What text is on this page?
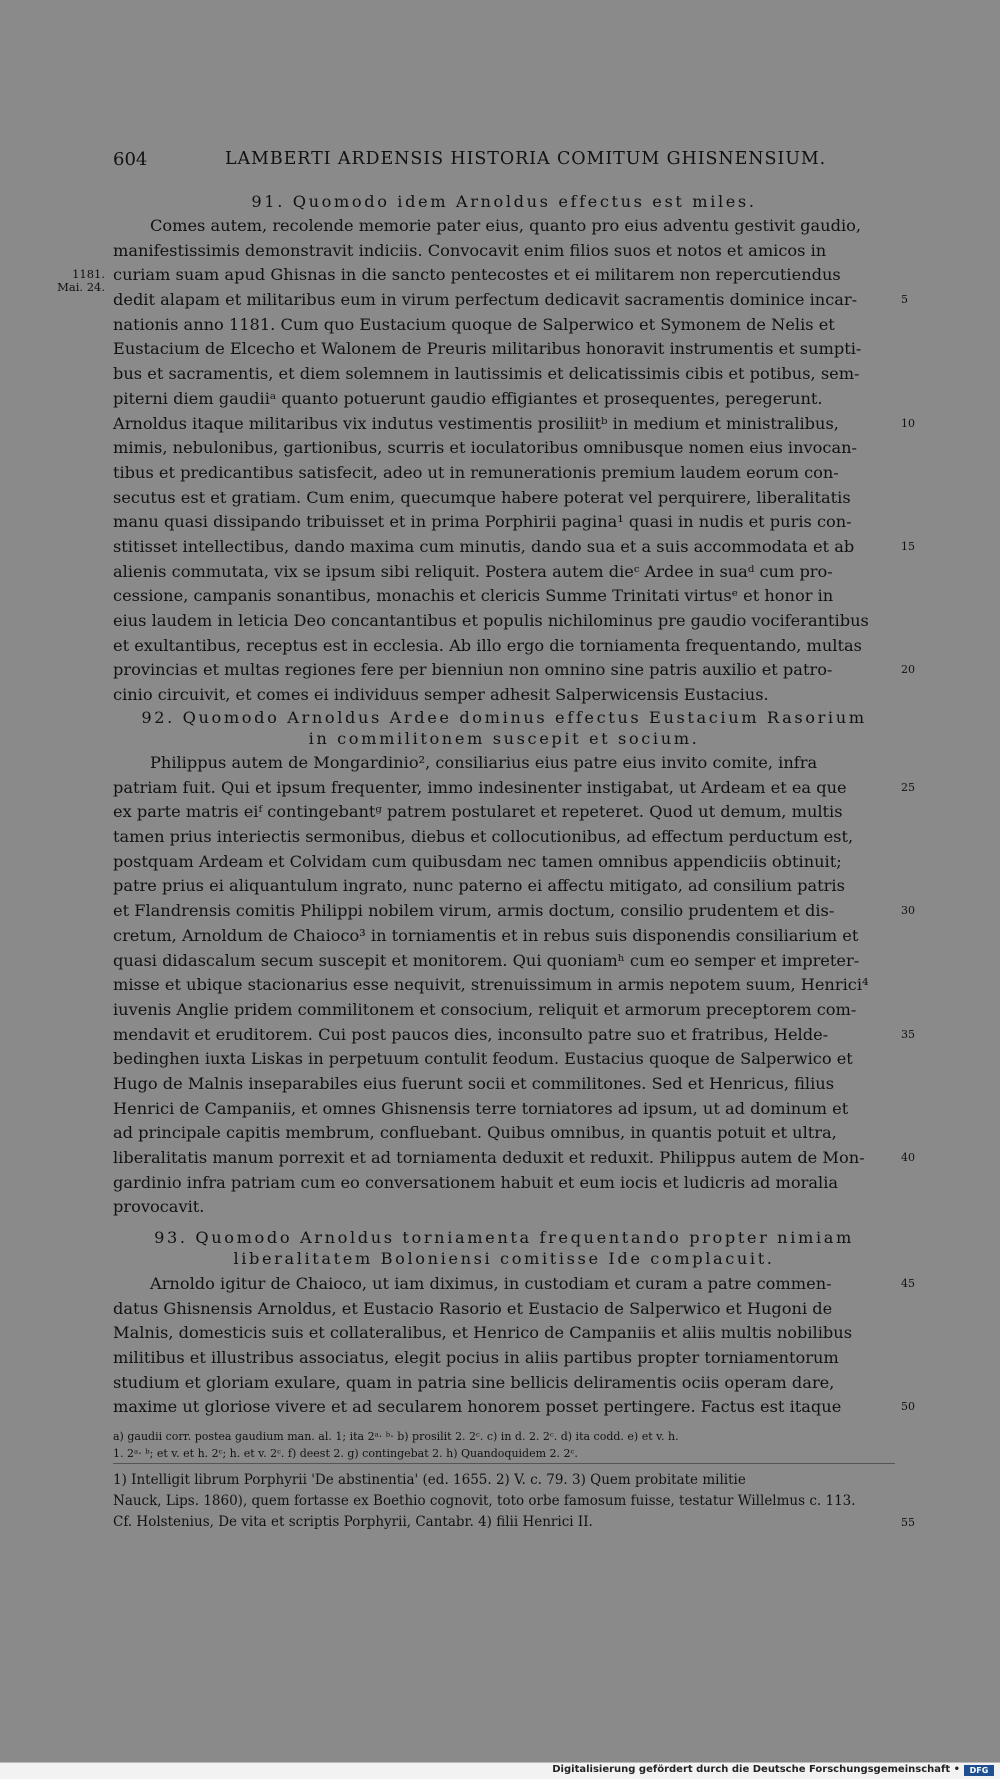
604	LAMBERTI ARDENSIS HISTORIA COMITUM GHISNENSIUM.
1181.
Mai. 24.
91. Quomodo idem Arnoldus effectus est miles.
Comes autem, recolende memorie pater eius, quanto pro eius adventu gestivit gaudio,
manifestissimis demonstravit indiciis. Convocavit enim filios suos et notos et amicos in
curiam suam apud Ghisnas in die sancto pentecostes et ei militarem non repercutiendus
dedit alapam et militaribus eum in virum perfectum dedicavit sacramentis dominice incar-	5
nationis anno 1181. Cum quo Eustacium quoque de Salperwico et Symonem de Nelis et
Eustacium de Elcecho et Walonem de Preuris militaribus honoravit instrumentis et sumpti-
bus et sacramentis, et diem solemnem in lautissimis et delicatissimis cibis et potibus, sem-
piterni diem gaudiiᵃ quanto potuerunt gaudio effigiantes et prosequentes, peregerunt.
Arnoldus itaque militaribus vix indutus vestimentis prosiliitᵇ in medium et ministralibus,	10
mimis, nebulonibus, gartionibus, scurris et ioculatoribus omnibusque nomen eius invocan-
tibus et predicantibus satisfecit, adeo ut in remunerationis premium laudem eorum con-
secutus est et gratiam. Cum enim, quecumque habere poterat vel perquirere, liberalitatis
manu quasi dissipando tribuisset et in prima Porphirii pagina¹ quasi in nudis et puris con-
stitisset intellectibus, dando maxima cum minutis, dando sua et a suis accommodata et ab	15
alienis commutata, vix se ipsum sibi reliquit. Postera autem dieᶜ Ardee in suaᵈ cum pro-
cessione, campanis sonantibus, monachis et clericis Summe Trinitati virtusᵉ et honor in
eius laudem in leticia Deo concantantibus et populis nichilominus pre gaudio vociferantibus
et exultantibus, receptus est in ecclesia. Ab illo ergo die torniamenta frequentando, multas
provincias et multas regiones fere per bienniun non omnino sine patris auxilio et patro-	20
cinio circuivit, et comes ei individuus semper adhesit Salperwicensis Eustacius.
92. Quomodo Arnoldus Ardee dominus effectus Eustacium Rasorium
in commilitonem suscepit et socium.
Philippus autem de Mongardinio², consiliarius eius patre eius invito comite, infra
patriam fuit. Qui et ipsum frequenter, immo indesinenter instigabat, ut Ardeam et ea que	25
ex parte matris eiᶠ contingebantᵍ patrem postularet et repeteret. Quod ut demum, multis
tamen prius interiectis sermonibus, diebus et collocutionibus, ad effectum perductum est,
postquam Ardeam et Colvidam cum quibusdam nec tamen omnibus appendiciis obtinuit;
patre prius ei aliquantulum ingrato, nunc paterno ei affectu mitigato, ad consilium patris
et Flandrensis comitis Philippi nobilem virum, armis doctum, consilio prudentem et dis-	30
cretum, Arnoldum de Chaioco³ in torniamentis et in rebus suis disponendis consiliarium et
quasi didascalum secum suscepit et monitorem. Qui quoniamʰ cum eo semper et impreter-
misse et ubique stacionarius esse nequivit, strenuissimum in armis nepotem suum, Henrici⁴
iuvenis Anglie pridem commilitonem et consocium, reliquit et armorum preceptorem com-
mendavit et eruditorem. Cui post paucos dies, inconsulto patre suo et fratribus, Helde-	35
bedinghen iuxta Liskas in perpetuum contulit feodum. Eustacius quoque de Salperwico et
Hugo de Malnis inseparabiles eius fuerunt socii et commilitones. Sed et Henricus, filius
Henrici de Campaniis, et omnes Ghisnensis terre torniatores ad ipsum, ut ad dominum et
ad principale capitis membrum, confluebant. Quibus omnibus, in quantis potuit et ultra,
liberalitatis manum porrexit et ad torniamenta deduxit et reduxit. Philippus autem de Mon-	40
gardinio infra patriam cum eo conversationem habuit et eum iocis et ludicris ad moralia
provocavit.
93. Quomodo Arnoldus torniamenta frequentando propter nimiam
liberalitatem Boloniensi comitisse Ide complacuit.
Arnoldo igitur de Chaioco, ut iam diximus, in custodiam et curam a patre commen-	45
datus Ghisnensis Arnoldus, et Eustacio Rasorio et Eustacio de Salperwico et Hugoni de
Malnis, domesticis suis et collateralibus, et Henrico de Campaniis et aliis multis nobilibus
militibus et illustribus associatus, elegit pocius in aliis partibus propter torniamentorum
studium et gloriam exulare, quam in patria sine bellicis deliramentis ociis operam dare,
maxime ut gloriose vivere et ad secularem honorem posset pertingere. Factus est itaque	50
a) gaudii corr. postea gaudium man. al. 1; ita 2ᵃ· ᵇ· b) prosilit 2. 2ᶜ. c) in d. 2. 2ᶜ. d) ita codd. e) et v. h.
1. 2ᵃ· ᵇ; et v. et h. 2ᶜ; h. et v. 2ᶜ. f) deest 2. g) contingebat 2. h) Quandoquidem 2. 2ᶜ.
1) Intelligit librum Porphyrii 'De abstinentia' (ed. 1655. 2) V. c. 79. 3) Quem probitate militie
Nauck, Lips. 1860), quem fortasse ex Boethio cognovit, toto orbe famosum fuisse, testatur Willelmus c. 113.
Cf. Holstenius, De vita et scriptis Porphyrii, Cantabr. 4) filii Henrici II.	55
Digitalisierung gefördert durch die Deutsche Forschungsgemeinschaft •	DFG
